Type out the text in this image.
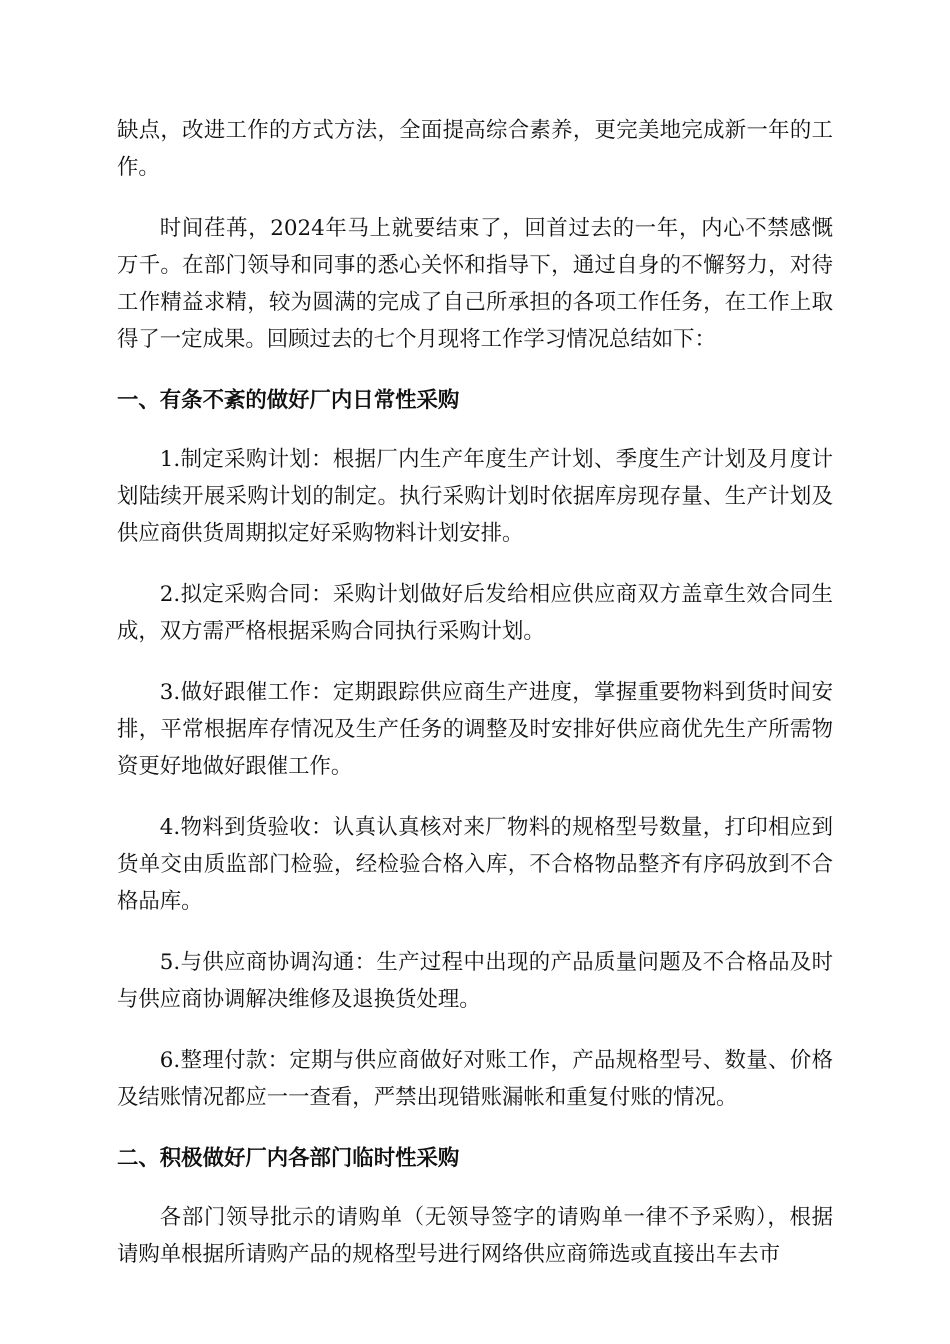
缺点，改进工作的方式方法，全面提高综合素养，更完美地完成新一年的工作。

时间荏苒，2024年马上就要结束了，回首过去的一年，内心不禁感慨万千。在部门领导和同事的悉心关怀和指导下，通过自身的不懈努力，对待工作精益求精，较为圆满的完成了自己所承担的各项工作任务，在工作上取得了一定成果。回顾过去的七个月现将工作学习情况总结如下：

一、有条不紊的做好厂内日常性采购

1.制定采购计划：根据厂内生产年度生产计划、季度生产计划及月度计划陆续开展采购计划的制定。执行采购计划时依据库房现存量、生产计划及供应商供货周期拟定好采购物料计划安排。

2.拟定采购合同：采购计划做好后发给相应供应商双方盖章生效合同生成，双方需严格根据采购合同执行采购计划。

3.做好跟催工作：定期跟踪供应商生产进度，掌握重要物料到货时间安排，平常根据库存情况及生产任务的调整及时安排好供应商优先生产所需物资更好地做好跟催工作。

4.物料到货验收：认真认真核对来厂物料的规格型号数量，打印相应到货单交由质监部门检验，经检验合格入库，不合格物品整齐有序码放到不合格品库。

5.与供应商协调沟通：生产过程中出现的产品质量问题及不合格品及时与供应商协调解决维修及退换货处理。

6.整理付款：定期与供应商做好对账工作，产品规格型号、数量、价格及结账情况都应一一查看，严禁出现错账漏帐和重复付账的情况。

二、积极做好厂内各部门临时性采购

各部门领导批示的请购单（无领导签字的请购单一律不予采购），根据请购单根据所请购产品的规格型号进行网络供应商筛选或直接出车去市
